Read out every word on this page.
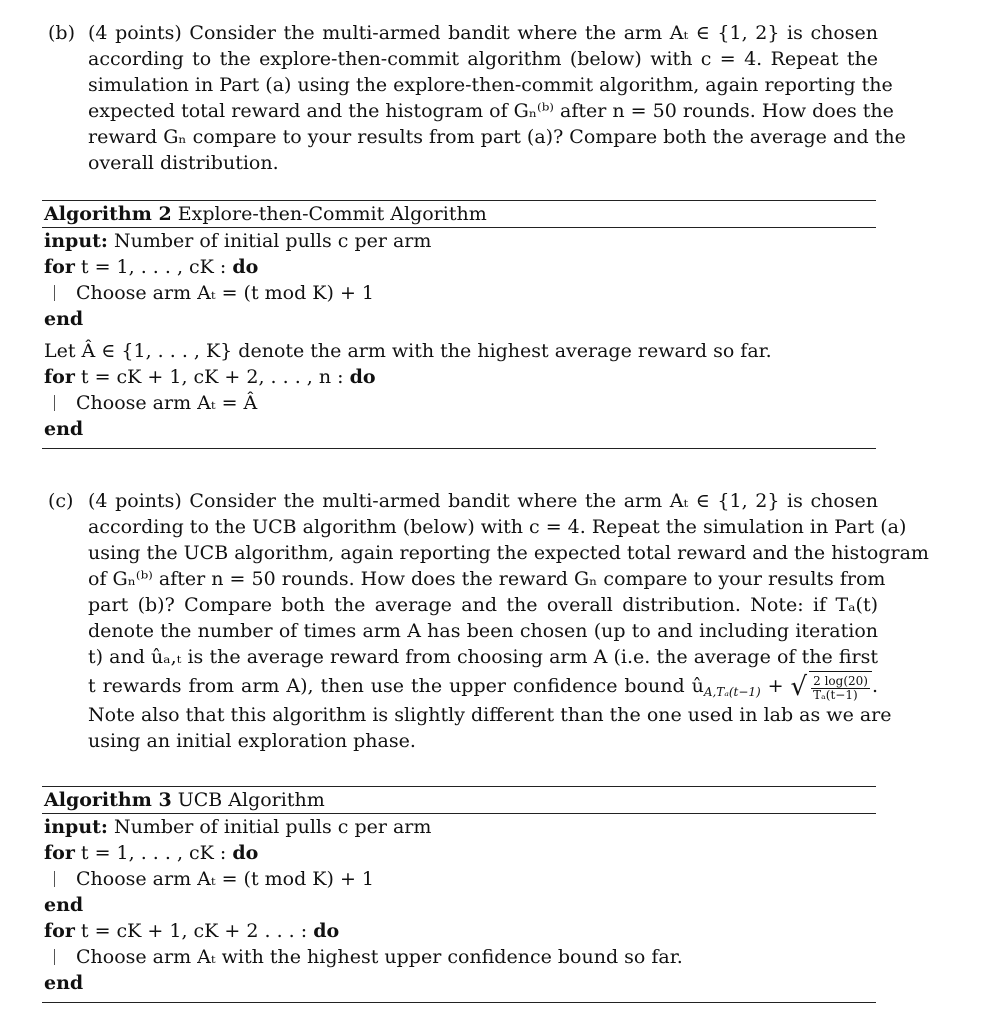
(b) (4 points) Consider the multi-armed bandit where the arm Aₜ ∈ {1, 2} is chosen
according to the explore-then-commit algorithm (below) with c = 4. Repeat the
simulation in Part (a) using the explore-then-commit algorithm, again reporting the
expected total reward and the histogram of Gₙ⁽ᵇ⁾ after n = 50 rounds. How does the
reward Gₙ compare to your results from part (a)? Compare both the average and the
overall distribution.
Algorithm 2 Explore-then-Commit Algorithm
input: Number of initial pulls c per arm
for t = 1, . . . , cK : do
Choose arm Aₜ = (t mod K) + 1
end
Let Â ∈ {1, . . . , K} denote the arm with the highest average reward so far.
for t = cK + 1, cK + 2, . . . , n : do
Choose arm Aₜ = Â
end
(c) (4 points) Consider the multi-armed bandit where the arm Aₜ ∈ {1, 2} is chosen
according to the UCB algorithm (below) with c = 4. Repeat the simulation in Part (a)
using the UCB algorithm, again reporting the expected total reward and the histogram
of Gₙ⁽ᵇ⁾ after n = 50 rounds. How does the reward Gₙ compare to your results from
part (b)? Compare both the average and the overall distribution. Note: if Tₐ(t)
denote the number of times arm A has been chosen (up to and including iteration
t) and ûₐ,ₜ is the average reward from choosing arm A (i.e. the average of the first
t rewards from arm A), then use the upper confidence bound $û_{A,T_a(t-1)}$ + √ $\frac{2 \log(20)}{\text{Tₐ(t−1)}}$ .
Note also that this algorithm is slightly different than the one used in lab as we are
using an initial exploration phase.
Algorithm 3 UCB Algorithm
input: Number of initial pulls c per arm
for t = 1, . . . , cK : do
Choose arm Aₜ = (t mod K) + 1
end
for t = cK + 1, cK + 2 . . . : do
Choose arm Aₜ with the highest upper confidence bound so far.
end
